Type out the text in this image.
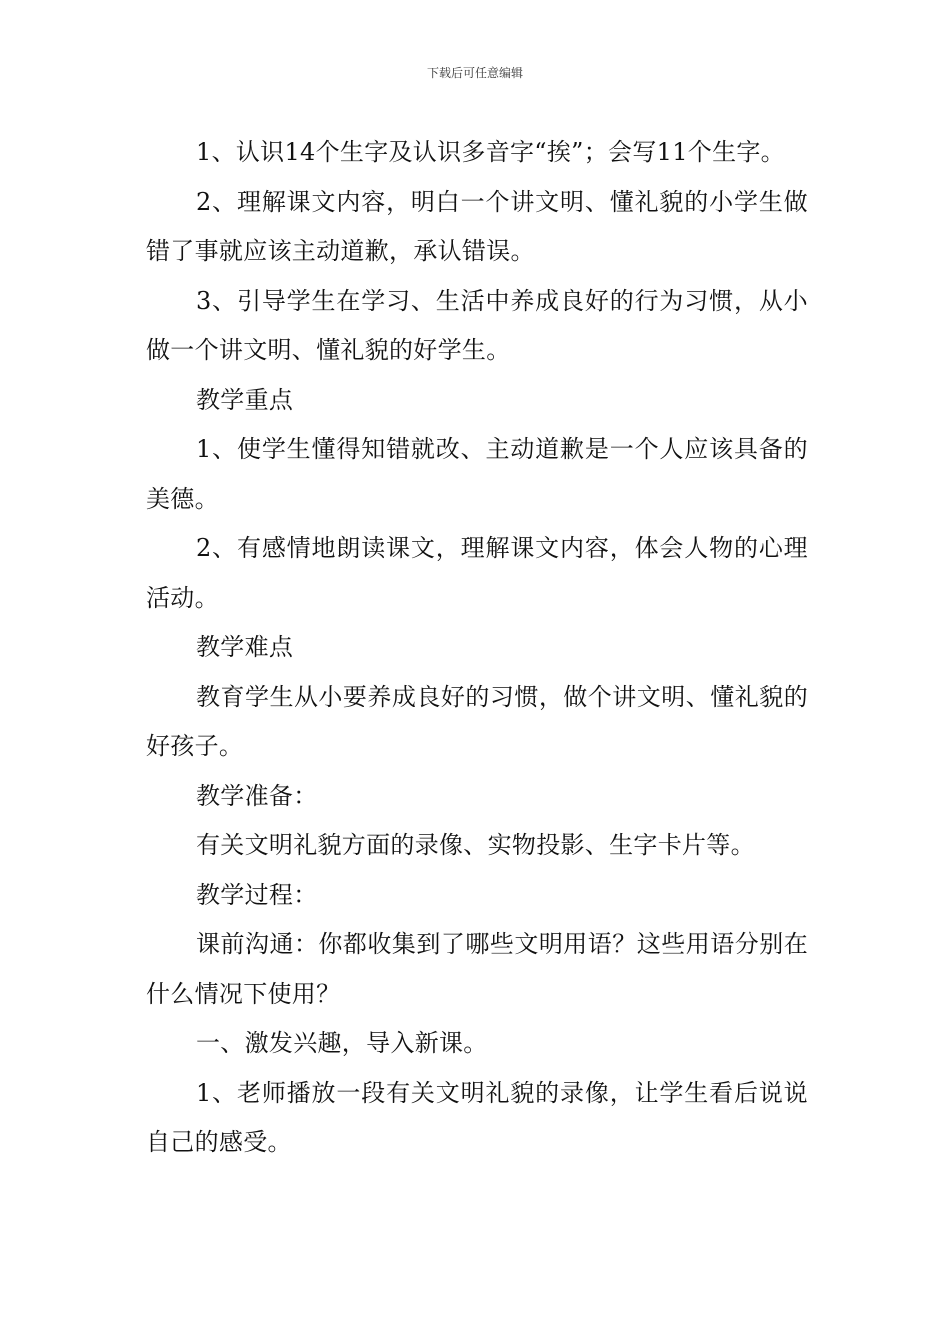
下载后可任意编辑

1、认识14个生字及认识多音字“挨”；会写11个生字。

2、理解课文内容，明白一个讲文明、懂礼貌的小学生做错了事就应该主动道歉，承认错误。

3、引导学生在学习、生活中养成良好的行为习惯，从小做一个讲文明、懂礼貌的好学生。

教学重点

1、使学生懂得知错就改、主动道歉是一个人应该具备的美德。

2、有感情地朗读课文，理解课文内容，体会人物的心理活动。

教学难点

教育学生从小要养成良好的习惯，做个讲文明、懂礼貌的好孩子。

教学准备：

有关文明礼貌方面的录像、实物投影、生字卡片等。

教学过程：

课前沟通：你都收集到了哪些文明用语？这些用语分别在什么情况下使用？

一、激发兴趣，导入新课。

1、老师播放一段有关文明礼貌的录像，让学生看后说说自己的感受。
